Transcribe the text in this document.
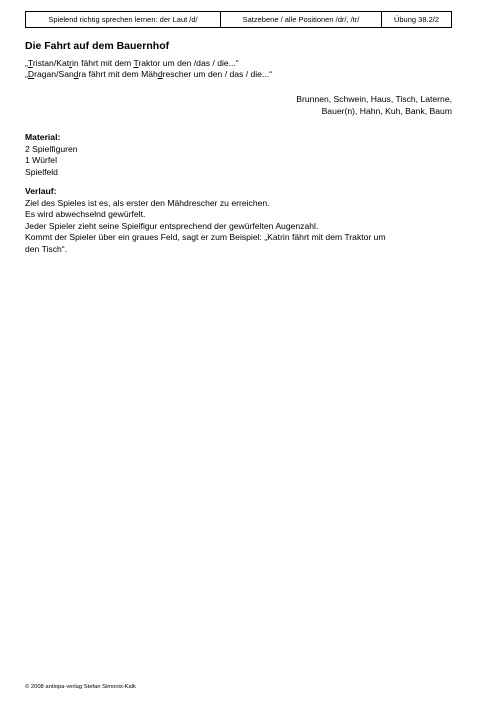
Spielend richtig sprechen lernen: der Laut /d/	Satzebene / alle Positionen /dr/, /tr/	Übung 38.2/2
Die Fahrt auf dem Bauernhof
„Tristan/Katrin fährt mit dem Traktor um den /das / die...“
„Dragan/Sandra fährt mit dem Mähdrescher um den / das / die...“
Brunnen, Schwein, Haus, Tisch, Laterne,
Bauer(n), Hahn, Kuh, Bank, Baum
Material:
2 Spielfiguren
1 Würfel
Spielfeld
Verlauf:
Ziel des Spieles ist es, als erster den Mähdrescher zu erreichen.
Es wird abwechselnd gewürfelt.
Jeder Spieler zieht seine Spielfigur entsprechend der gewürfelten Augenzahl.
Kommt der Spieler über ein graues Feld, sagt er zum Beispiel: „Katrin fährt mit dem Traktor um
den Tisch“.
© 2008 antiopa-verlag Stefan Simonis-Kalk
